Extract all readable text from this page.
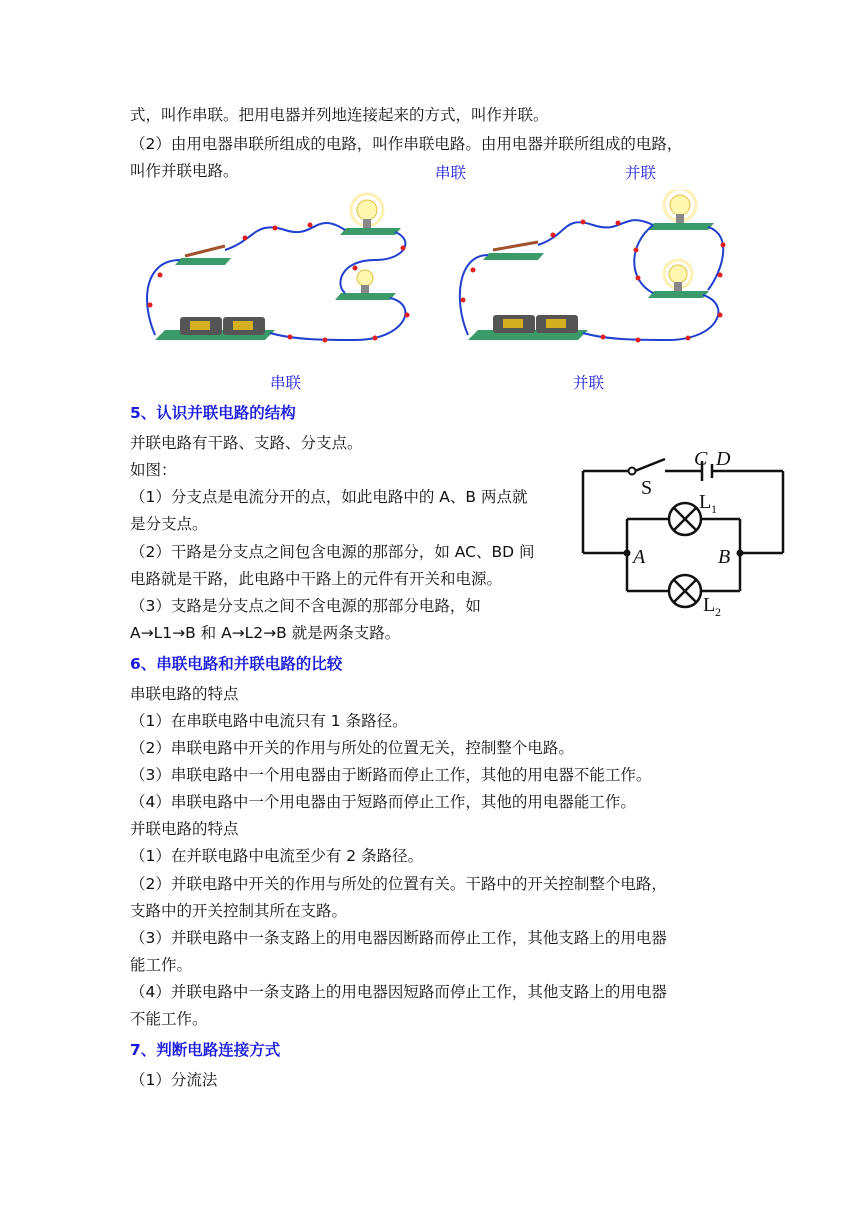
式，叫作串联。把用电器并列地连接起来的方式，叫作并联。
（2）由用电器串联所组成的电路，叫作串联电路。由用电器并联所组成的电路，
叫作并联电路。	串联	并联
串联	并联
5、认识并联电路的结构
并联电路有干路、支路、分支点。
如图：
（1）分支点是电流分开的点，如此电路中的 A、B 两点就
是分支点。
（2）干路是分支点之间包含电源的那部分，如 AC、BD 间
电路就是干路，此电路中干路上的元件有开关和电源。
（3）支路是分支点之间不含电源的那部分电路，如
A→L1→B 和 A→L2→B 就是两条支路。
S
C D
A	B
L 1
L 2
6、串联电路和并联电路的比较
串联电路的特点
（1）在串联电路中电流只有 1 条路径。
（2）串联电路中开关的作用与所处的位置无关，控制整个电路。
（3）串联电路中一个用电器由于断路而停止工作，其他的用电器不能工作。
（4）串联电路中一个用电器由于短路而停止工作，其他的用电器能工作。
并联电路的特点
（1）在并联电路中电流至少有 2 条路径。
（2）并联电路中开关的作用与所处的位置有关。干路中的开关控制整个电路，
支路中的开关控制其所在支路。
（3）并联电路中一条支路上的用电器因断路而停止工作，其他支路上的用电器
能工作。
（4）并联电路中一条支路上的用电器因短路而停止工作，其他支路上的用电器
不能工作。
7、判断电路连接方式
（1）分流法
